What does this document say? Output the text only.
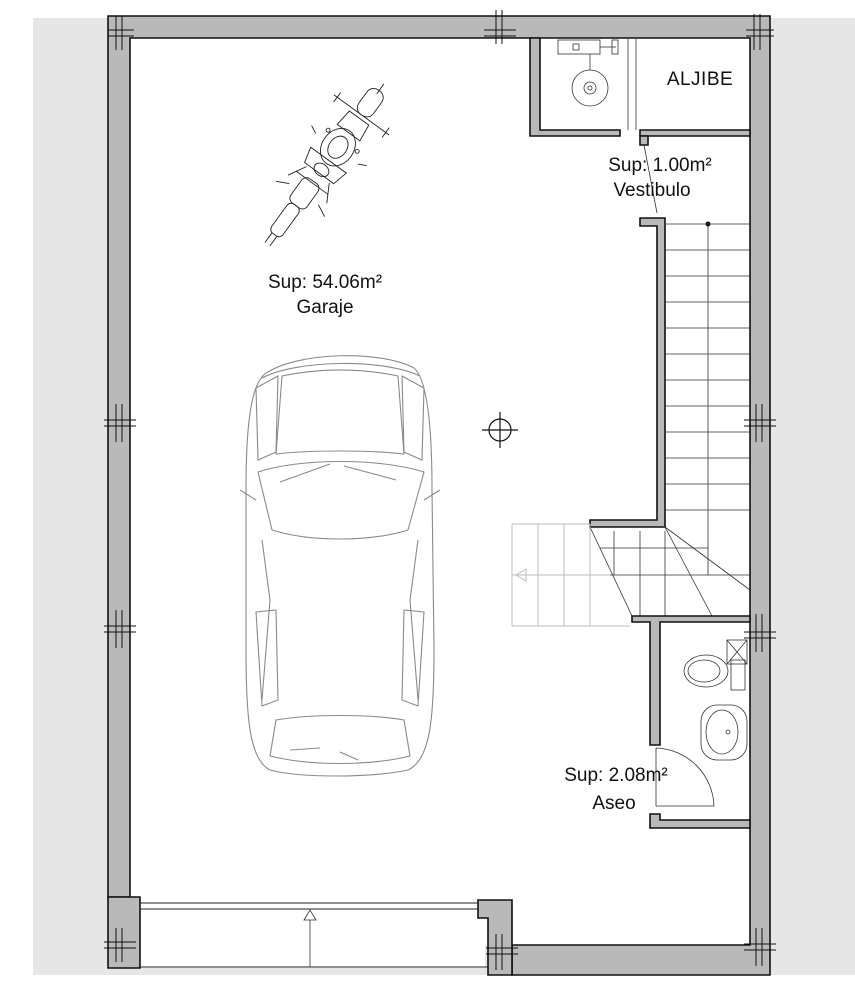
ALJIBE
Sup: 54.06m²
Garaje
Sup: 1.00m²
Vestibulo
Sup: 2.08m²
Aseo
